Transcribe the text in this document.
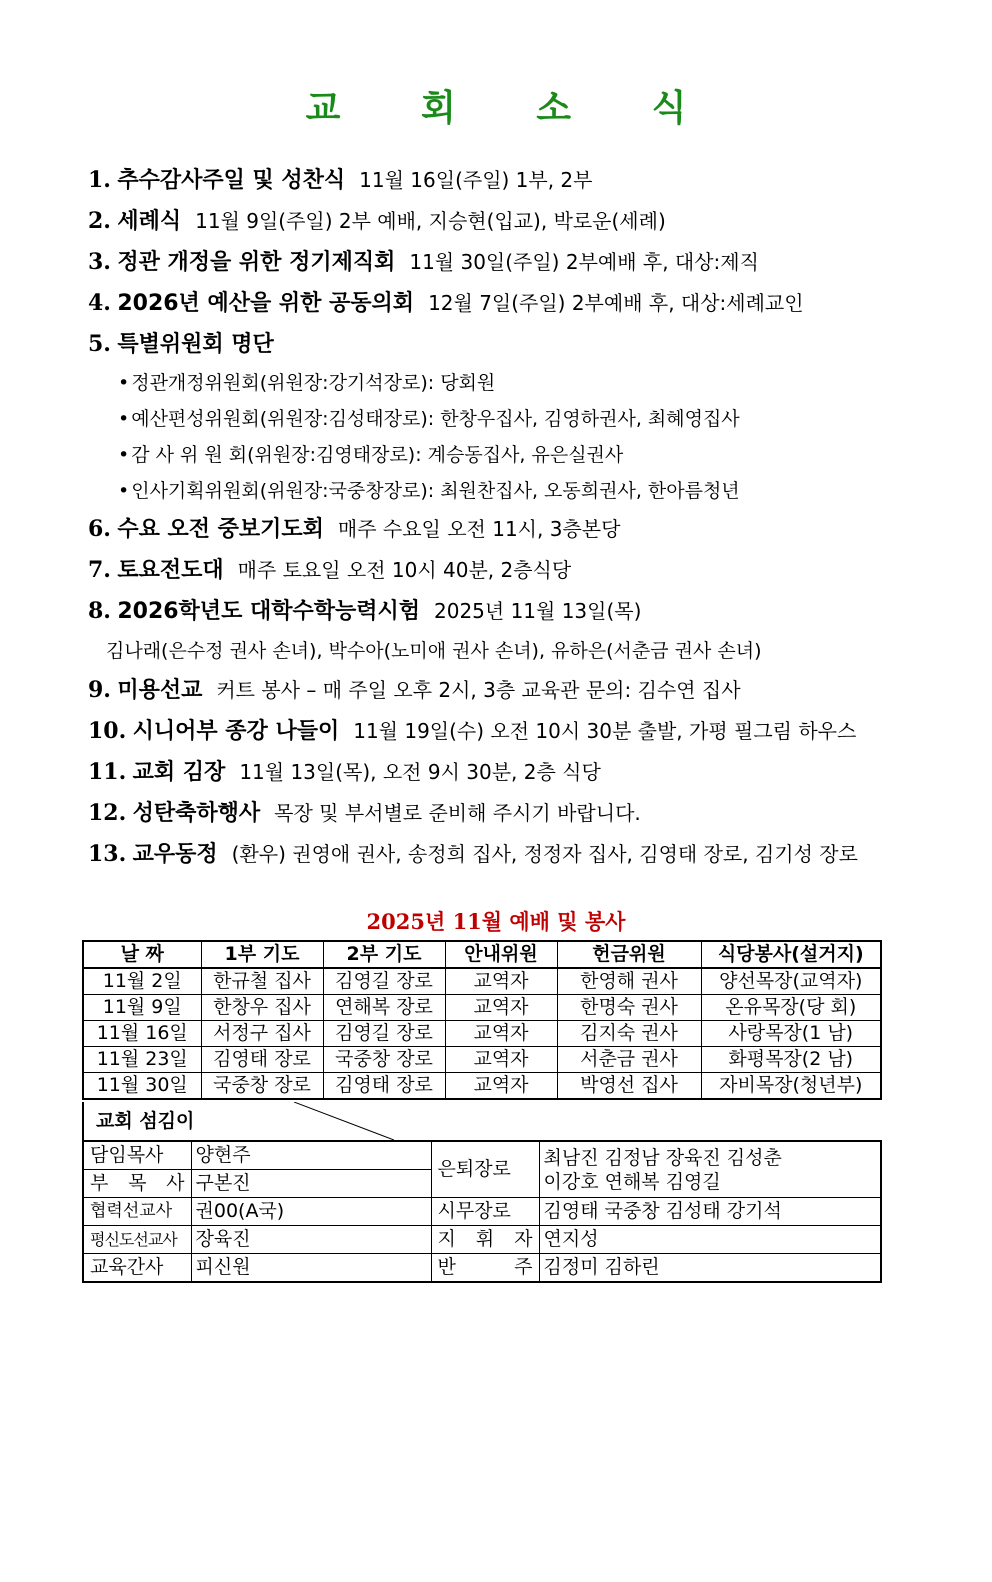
교 회 소 식
1. 추수감사주일 및 성찬식 11월 16일(주일) 1부, 2부
2. 세례식 11월 9일(주일) 2부 예배, 지승현(입교), 박로운(세례)
3. 정관 개정을 위한 정기제직회 11월 30일(주일) 2부예배 후, 대상:제직
4. 2026년 예산을 위한 공동의회 12월 7일(주일) 2부예배 후, 대상:세례교인
5. 특별위원회 명단
• 정관개정위원회(위원장:강기석장로): 당회원
• 예산편성위원회(위원장:김성태장로): 한창우집사, 김영하권사, 최혜영집사
• 감 사 위 원 회(위원장:김영태장로): 계승동집사, 유은실권사
• 인사기획위원회(위원장:국중창장로): 최원찬집사, 오동희권사, 한아름청년
6. 수요 오전 중보기도회 매주 수요일 오전 11시, 3층본당
7. 토요전도대 매주 토요일 오전 10시 40분, 2층식당
8. 2026학년도 대학수학능력시험 2025년 11월 13일(목)
김나래(은수정 권사 손녀), 박수아(노미애 권사 손녀), 유하은(서춘금 권사 손녀)
9. 미용선교 커트 봉사 – 매 주일 오후 2시, 3층 교육관 문의: 김수연 집사
10. 시니어부 종강 나들이 11월 19일(수) 오전 10시 30분 출발, 가평 필그림 하우스
11. 교회 김장 11월 13일(목), 오전 9시 30분, 2층 식당
12. 성탄축하행사 목장 및 부서별로 준비해 주시기 바랍니다.
13. 교우동정 (환우) 권영애 권사, 송정희 집사, 정정자 집사, 김영태 장로, 김기성 장로
2025년 11월 예배 및 봉사
날 짜	1부 기도	2부 기도	안내위원	헌금위원	식당봉사(설거지)
11월 2일	한규철 집사	김영길 장로	교역자	한영해 권사	양선목장(교역자)
11월 9일	한창우 집사	연해복 장로	교역자	한명숙 권사	온유목장(당 회)
11월 16일	서정구 집사	김영길 장로	교역자	김지숙 권사	사랑목장(1 남)
11월 23일	김영태 장로	국중창 장로	교역자	서춘금 권사	화평목장(2 남)
11월 30일	국중창 장로	김영태 장로	교역자	박영선 집사	자비목장(청년부)
교회 섬김이
담임목사	양현주	은퇴장로	최남진 김정남 장육진 김성춘
이강호 연해복 김영길

부 목 사	구본진		
협력선교사	권00(A국)	시무장로	김영태 국중창 김성태 강기석
평신도선교사	장육진	지 휘 자	연지성
교육간사	피신원	반 주	김정미 김하린
